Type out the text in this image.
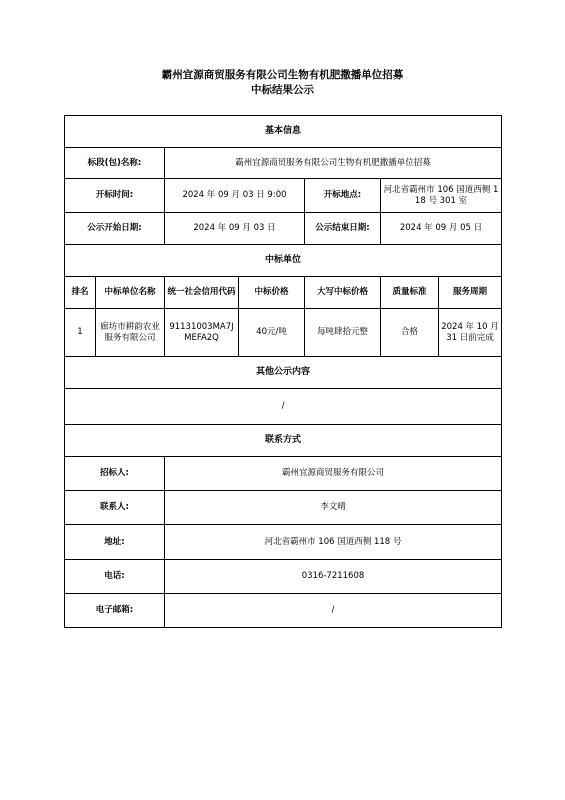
霸州宜源商贸服务有限公司生物有机肥撒播单位招募
中标结果公示
基本信息						
标段(包)名称:		霸州宜源商贸服务有限公司生物有机肥撒播单位招募				
开标时间:		2024 年 09 月 03 日 9:00		开标地点:	河北省霸州市 106 国道西侧 118 号 301 室	
公示开始日期:		2024 年 09 月 03 日		公示结束日期:	2024 年 09 月 05 日	
中标单位						
排名	中标单位名称	统一社会信用代码	中标价格	大写中标价格	质量标准	服务周期
1	廊坊市耕韵农业服务有限公司	91131003MA7JMEFA2Q	40元/吨	每吨肆拾元整	合格	2024 年 10 月 31 日前完成
其他公示内容						
/						
联系方式						
招标人:		霸州宜源商贸服务有限公司				
联系人:		李文晴				
地址:		河北省霸州市 106 国道西侧 118 号				
电话:		0316-7211608				
电子邮箱:		/				
